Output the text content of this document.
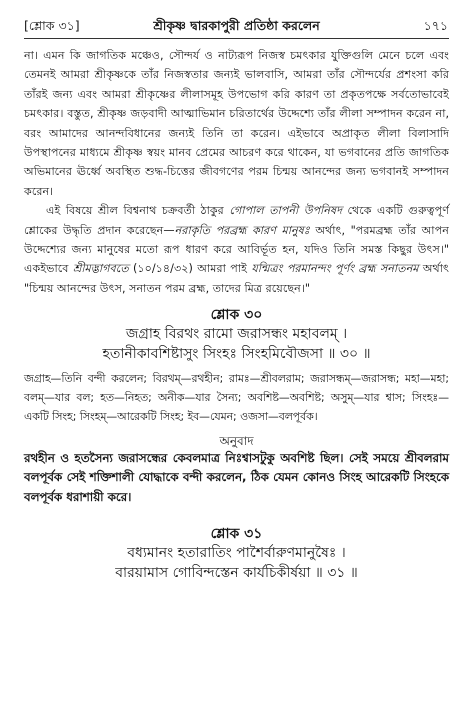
[শ্লোক ৩১]	শ্রীকৃষ্ণ দ্বারকাপুরী প্রতিষ্ঠা করলেন	১৭১

না। এমন কি জাগতিক মঞ্চেও, সৌন্দর্য ও নাট্যরূপ নিজস্ব চমৎকার যুক্তিগুলি মেনে চলে এবং তেমনই আমরা শ্রীকৃষ্ণকে তাঁর নিজস্বতার জন্যই ভালবাসি, আমরা তাঁর সৌন্দর্যের প্রশংসা করি তাঁরই জন্য এবং আমরা শ্রীকৃষ্ণের লীলাসমূহ উপভোগ করি কারণ তা প্রকৃতপক্ষে সর্বতোভাবেই চমৎকার। বস্তুত, শ্রীকৃষ্ণ জড়বাদী আত্মাভিমান চরিতার্থের উদ্দেশ্যে তাঁর লীলা সম্পাদন করেন না, বরং আমাদের আনন্দবিধানের জন্যই তিনি তা করেন। এইভাবে অপ্রাকৃত লীলা বিলাসাদি উপস্থাপনের মাধ্যমে শ্রীকৃষ্ণ স্বয়ং মানব প্রেমের আচরণ করে থাকেন, যা ভগবানের প্রতি জাগতিক অভিমানের ঊর্ধ্বে অবস্থিত শুদ্ধ-চিত্তের জীবগণের পরম চিন্ময় আনন্দের জন্য ভগবানই সম্পাদন করেন।

এই বিষয়ে শ্রীল বিশ্বনাথ চক্রবর্তী ঠাকুর গোপাল তাপনী উপনিষদ থেকে একটি গুরুত্বপূর্ণ শ্লোকের উদ্ধৃতি প্রদান করেছেন—নরাকৃতি পরব্রহ্ম কারণ মানুষঃ অর্থাৎ, "পরমব্রহ্ম তাঁর আপন উদ্দেশ্যের জন্য মানুষের মতো রূপ ধারণ করে আবির্ভূত হন, যদিও তিনি সমস্ত কিছুর উৎস।" একইভাবে শ্রীমদ্ভাগবতে (১০/১৪/৩২) আমরা পাই যন্মিত্রং পরমানন্দং পূর্ণং ব্রহ্ম সনাতনম অর্থাৎ "চিন্ময় আনন্দের উৎস, সনাতন পরম ব্রহ্ম, তাদের মিত্র রয়েছেন।"

শ্লোক ৩০
জগ্রাহ বিরথং রামো জরাসন্ধং মহাবলম্‌ ।
হতানীকাবশিষ্টাসুং সিংহঃ সিংহমিবৌজসা ॥ ৩০ ॥
জগ্রাহ—তিনি বন্দী করলেন; বিরথম্‌—রথহীন; রামঃ—শ্রীবলরাম; জরাসন্ধম্‌—জরাসন্ধ; মহা—মহা; বলম্‌—যার বল; হত—নিহত; অনীক—যার সৈন্য; অবশিষ্ট—অবশিষ্ট; অসুম্‌—যার শ্বাস; সিংহঃ—একটি সিংহ; সিংহম্‌—আরেকটি সিংহ; ইব—যেমন; ওজসা—বলপূর্বক।
অনুবাদ

রথহীন ও হতসৈন্য জরাসন্ধের কেবলমাত্র নিঃশ্বাসটুকু অবশিষ্ট ছিল। সেই সময়ে শ্রীবলরাম বলপূর্বক সেই শক্তিশালী যোদ্ধাকে বন্দী করলেন, ঠিক যেমন কোনও সিংহ আরেকটি সিংহকে বলপূর্বক ধরাশায়ী করে।

শ্লোক ৩১
বধ্যমানং হতারাতিং পাশৈর্বারুণমানুষৈঃ ।
বারয়ামাস গোবিন্দস্তেন কার্যচিকীর্ষয়া ॥ ৩১ ॥
